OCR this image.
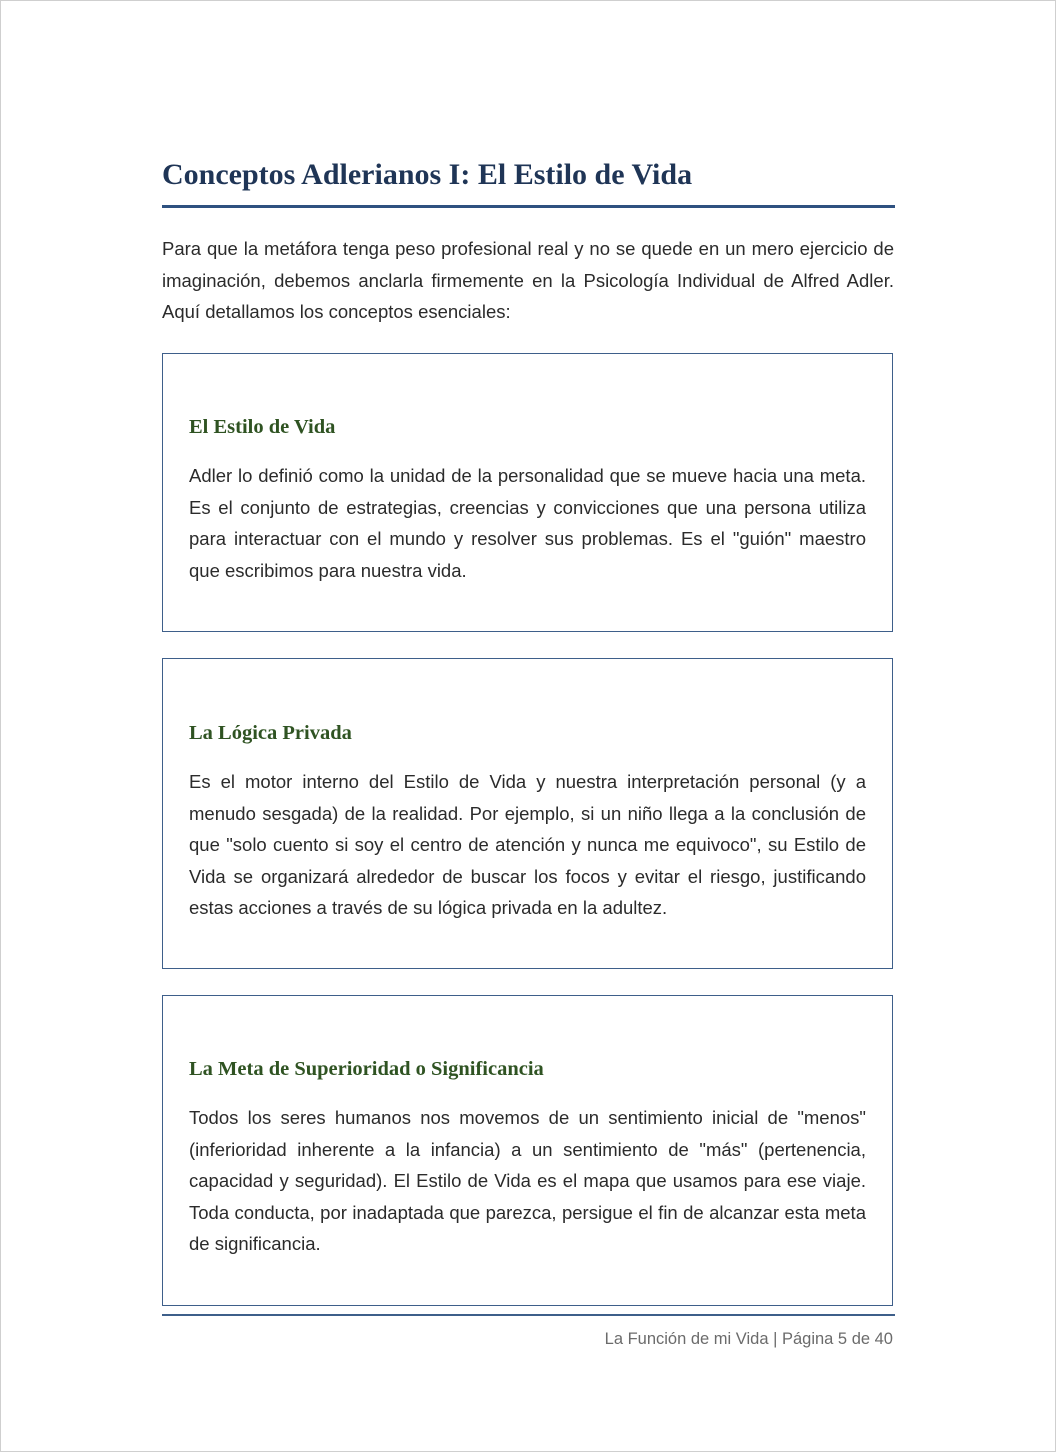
Conceptos Adlerianos I: El Estilo de Vida

Para que la metáfora tenga peso profesional real y no se quede en un mero ejercicio de imaginación, debemos anclarla firmemente en la Psicología Individual de Alfred Adler. Aquí detallamos los conceptos esenciales:

El Estilo de Vida

Adler lo definió como la unidad de la personalidad que se mueve hacia una meta. Es el conjunto de estrategias, creencias y convicciones que una persona utiliza para interactuar con el mundo y resolver sus problemas. Es el "guión" maestro que escribimos para nuestra vida.

La Lógica Privada

Es el motor interno del Estilo de Vida y nuestra interpretación personal (y a menudo sesgada) de la realidad. Por ejemplo, si un niño llega a la conclusión de que "solo cuento si soy el centro de atención y nunca me equivoco", su Estilo de Vida se organizará alrededor de buscar los focos y evitar el riesgo, justificando estas acciones a través de su lógica privada en la adultez.

La Meta de Superioridad o Significancia

Todos los seres humanos nos movemos de un sentimiento inicial de "menos" (inferioridad inherente a la infancia) a un sentimiento de "más" (pertenencia, capacidad y seguridad). El Estilo de Vida es el mapa que usamos para ese viaje. Toda conducta, por inadaptada que parezca, persigue el fin de alcanzar esta meta de significancia.

La Función de mi Vida | Página 5 de 40
